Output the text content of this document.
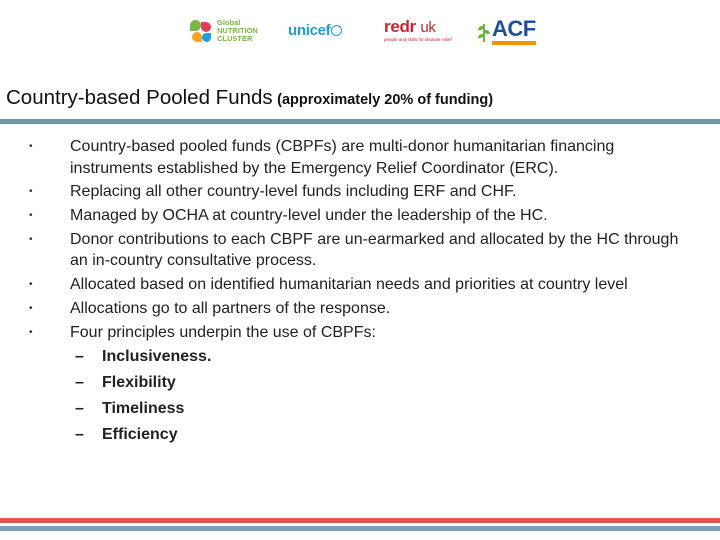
Global
NUTRITION
CLUSTER	unicef	redr uk
people and skills for disaster relief ACF
Country-based Pooled Funds (approximately 20% of funding)
• Country-based pooled funds (CBPFs) are multi-donor humanitarian financing instruments established by the Emergency Relief Coordinator (ERC).
• Replacing all other country-level funds including ERF and CHF.
• Managed by OCHA at country-level under the leadership of the HC.
• Donor contributions to each CBPF are un-earmarked and allocated by the HC through an in-country consultative process.
• Allocated based on identified humanitarian needs and priorities at country level
• Allocations go to all partners of the response.
• Four principles underpin the use of CBPFs:
– Inclusiveness.
– Flexibility
– Timeliness
– Efficiency
